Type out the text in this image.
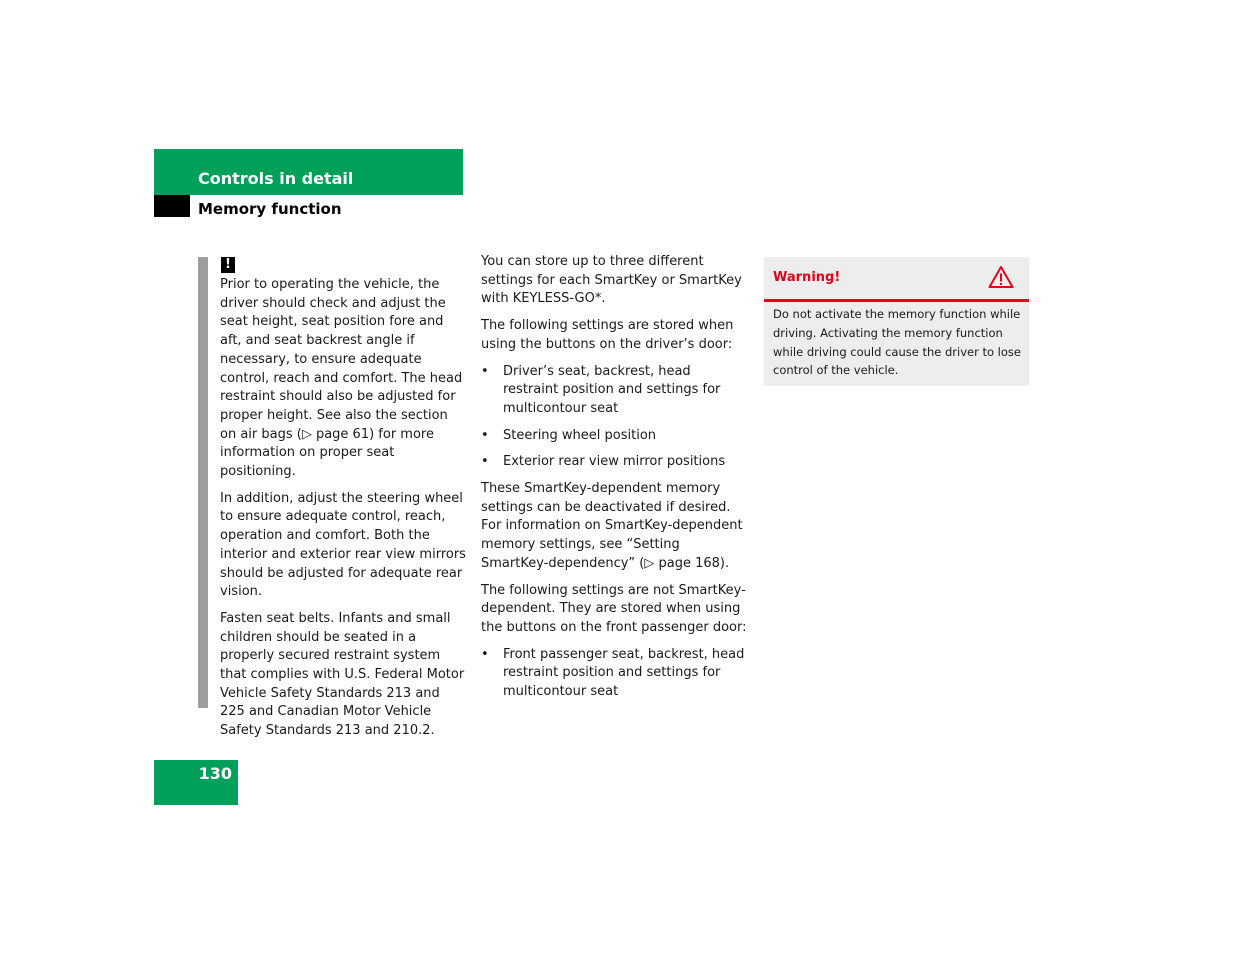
Controls in detail
Memory function
!

Prior to operating the vehicle, the driver should check and adjust the seat height, seat position fore and aft, and seat backrest angle if necessary, to ensure adequate control, reach and comfort. The head restraint should also be adjusted for proper height. See also the section on air bags (▷ page 61) for more information on proper seat positioning.

In addition, adjust the steering wheel to ensure adequate control, reach, operation and comfort. Both the interior and exterior rear view mirrors should be adjusted for adequate rear vision.

Fasten seat belts. Infants and small children should be seated in a properly secured restraint system that complies with U.S. Federal Motor Vehicle Safety Standards 213 and 225 and Canadian Motor Vehicle Safety Standards 213 and 210.2.

You can store up to three different settings for each SmartKey or SmartKey with KEYLESS-GO*.

The following settings are stored when using the buttons on the driver’s door:

• Driver’s seat, backrest, head restraint position and settings for multicontour seat
• Steering wheel position
• Exterior rear view mirror positions

These SmartKey-dependent memory settings can be deactivated if desired. For information on SmartKey-dependent memory settings, see “Setting SmartKey-dependency” (▷ page 168).

The following settings are not SmartKey-dependent. They are stored when using the buttons on the front passenger door:

• Front passenger seat, backrest, head restraint position and settings for multicontour seat
Warning!
Do not activate the memory function while driving. Activating the memory function while driving could cause the driver to lose control of the vehicle.
130
